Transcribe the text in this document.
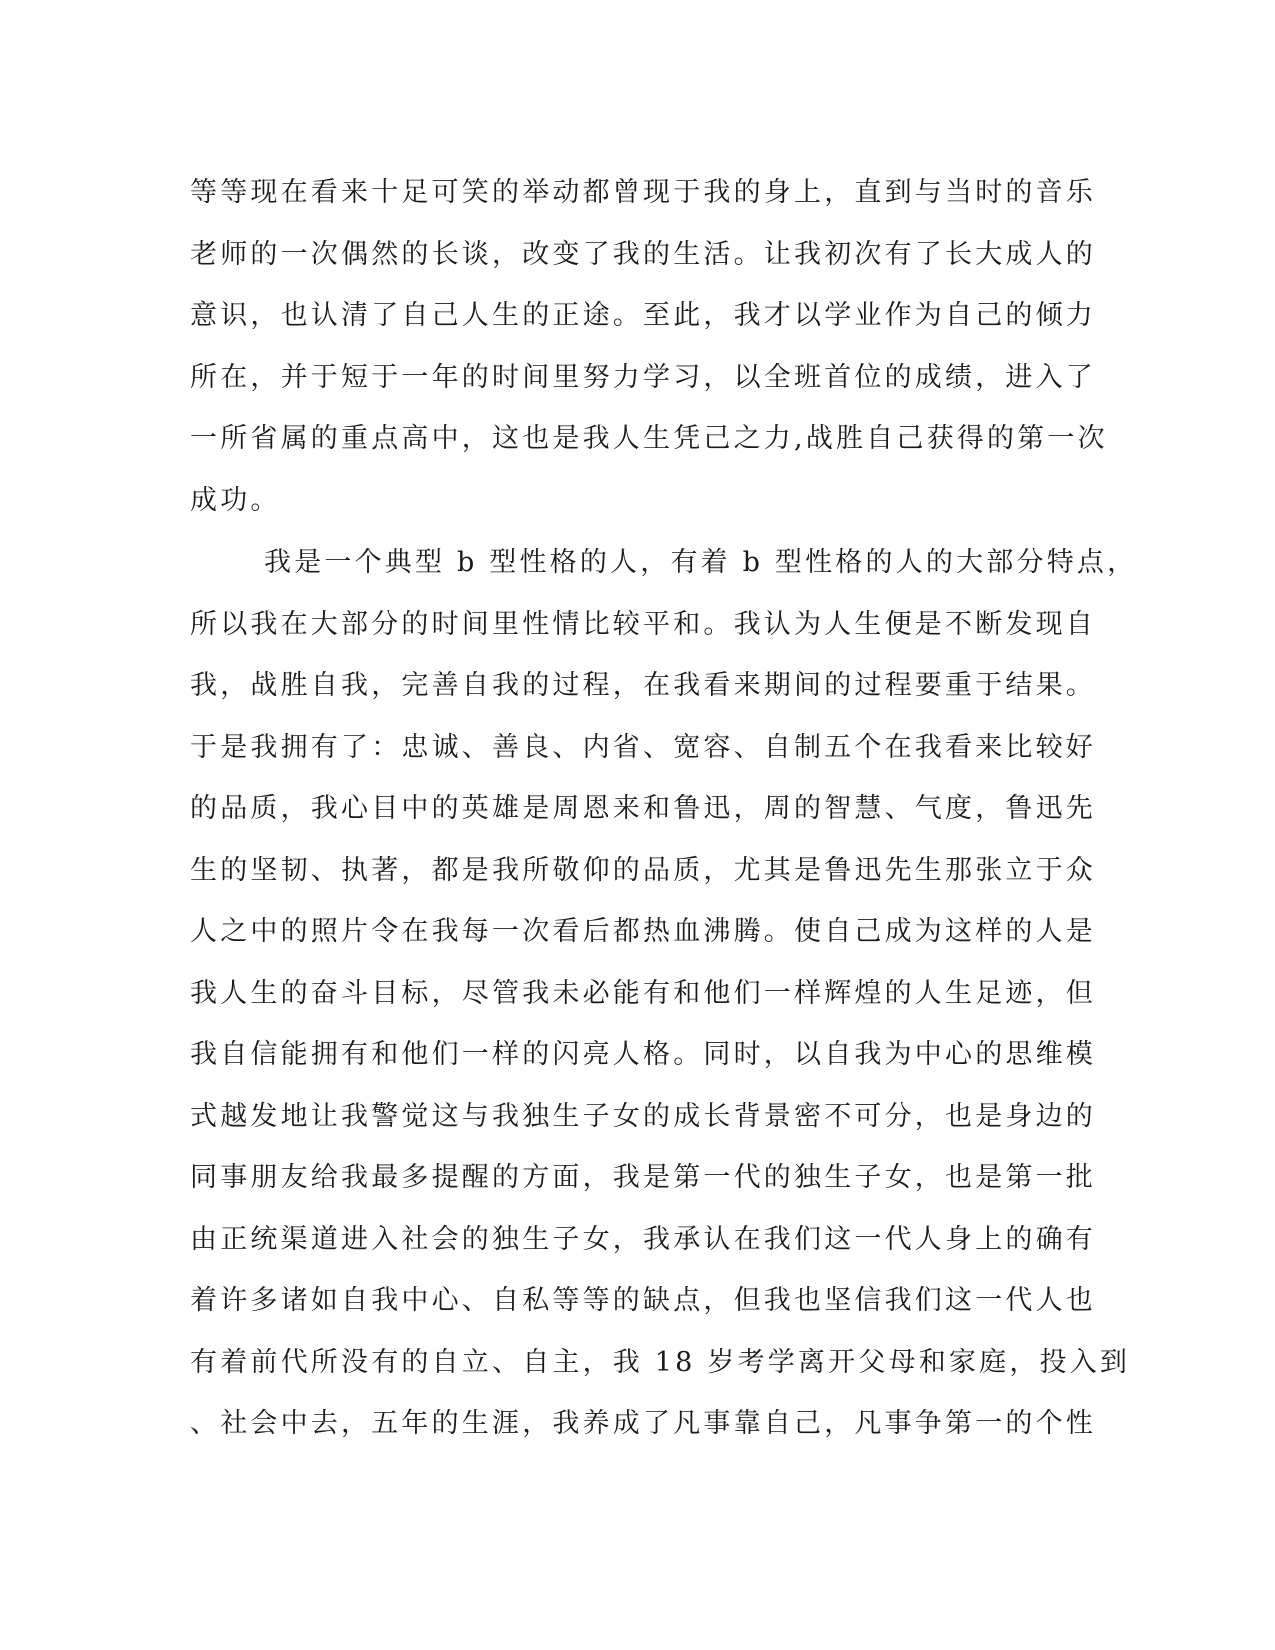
等等现在看来十足可笑的举动都曾现于我的身上，直到与当时的音乐
老师的一次偶然的长谈，改变了我的生活。让我初次有了长大成人的
意识，也认清了自己人生的正途。至此，我才以学业作为自己的倾力
所在，并于短于一年的时间里努力学习，以全班首位的成绩，进入了
一所省属的重点高中，这也是我人生凭己之力,战胜自己获得的第一次
成功。
我是一个典型 b 型性格的人，有着 b 型性格的人的大部分特点，
所以我在大部分的时间里性情比较平和。我认为人生便是不断发现自
我，战胜自我，完善自我的过程，在我看来期间的过程要重于结果。
于是我拥有了：忠诚、善良、内省、宽容、自制五个在我看来比较好
的品质，我心目中的英雄是周恩来和鲁迅，周的智慧、气度，鲁迅先
生的坚韧、执著，都是我所敬仰的品质，尤其是鲁迅先生那张立于众
人之中的照片令在我每一次看后都热血沸腾。使自己成为这样的人是
我人生的奋斗目标，尽管我未必能有和他们一样辉煌的人生足迹，但
我自信能拥有和他们一样的闪亮人格。同时，以自我为中心的思维模
式越发地让我警觉这与我独生子女的成长背景密不可分，也是身边的
同事朋友给我最多提醒的方面，我是第一代的独生子女，也是第一批
由正统渠道进入社会的独生子女，我承认在我们这一代人身上的确有
着许多诸如自我中心、自私等等的缺点，但我也坚信我们这一代人也
有着前代所没有的自立、自主，我 18 岁考学离开父母和家庭，投入到
、社会中去，五年的生涯，我养成了凡事靠自己，凡事争第一的个性
